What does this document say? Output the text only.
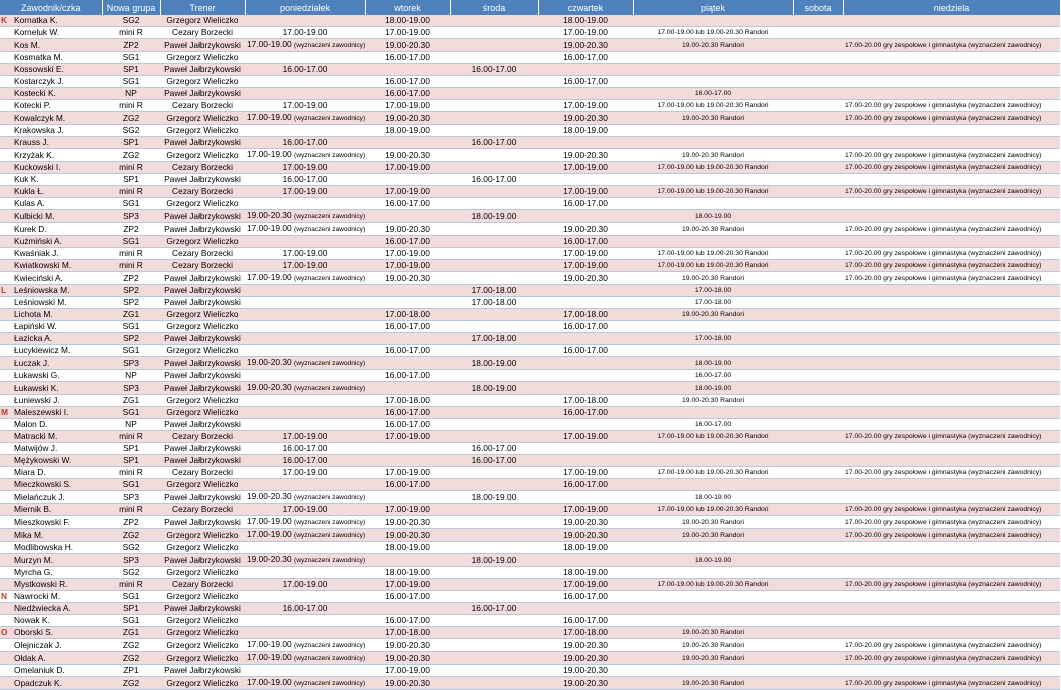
Zawodnik/czka		Nowa grupa	Trener	poniedziałek	wtorek	środa	czwartek	piątek	sobota	niedziela
K	Kornatka K.	SG2	Grzegorz Wieliczko		18.00-19.00		18.00-19.00			
	Korneluk W.	mini R	Cezary Borzecki	17.00-19.00	17.00-19.00		17.00-19.00	17.00-19.00 lub 19.00-20.30 Randori		
	Kos M.	ZP2	Paweł Jałbrzykowski	17.00-19.00 (wyznaczeni zawodnicy)	19.00-20.30		19.00-20.30	19.00-20.30 Randori		17.00-20.00 gry zespołowe i gimnastyka (wyznaczeni zawodnicy)
	Kosmatka M.	SG1	Grzegorz Wieliczko		16.00-17.00		16.00-17.00			
	Kossowski E.	SP1	Paweł Jałbrzykowski	16.00-17.00		16.00-17.00				
	Kostarczyk J.	SG1	Grzegorz Wieliczko		16.00-17.00		16.00-17.00			
	Kostecki K.	NP	Paweł Jałbrzykowski		16.00-17.00			16.00-17.00		
	Kotecki P.	mini R	Cezary Borzecki	17.00-19.00	17.00-19.00		17.00-19.00	17.00-19.00 lub 19.00-20.30 Randori		17.00-20.00 gry zespołowe i gimnastyka (wyznaczeni zawodnicy)
	Kowalczyk M.	ZG2	Grzegorz Wieliczko	17.00-19.00 (wyznaczeni zawodnicy)	19.00-20.30		19.00-20.30	19.00-20.30 Randori		17.00-20.00 gry zespołowe i gimnastyka (wyznaczeni zawodnicy)
	Krakowska J.	SG2	Grzegorz Wieliczko		18.00-19.00		18.00-19.00			
	Krauss J.	SP1	Paweł Jałbrzykowski	16.00-17.00		16.00-17.00				
	Krzyżak K.	ZG2	Grzegorz Wieliczko	17.00-19.00 (wyznaczeni zawodnicy)	19.00-20.30		19.00-20.30	19.00-20.30 Randori		17.00-20.00 gry zespołowe i gimnastyka (wyznaczeni zawodnicy)
	Kuckowski I.	mini R	Cezary Borzecki	17.00-19.00	17.00-19.00		17.00-19.00	17.00-19.00 lub 19.00-20.30 Randori		17.00-20.00 gry zespołowe i gimnastyka (wyznaczeni zawodnicy)
	Kuk K.	SP1	Paweł Jałbrzykowski	16.00-17.00		16.00-17.00				
	Kukla Ł.	mini R	Cezary Borzecki	17.00-19.00	17.00-19.00		17.00-19.00	17.00-19.00 lub 19.00-20.30 Randori		17.00-20.00 gry zespołowe i gimnastyka (wyznaczeni zawodnicy)
	Kulas A.	SG1	Grzegorz Wieliczko		16.00-17.00		16.00-17.00			
	Kulbicki M.	SP3	Paweł Jałbrzykowski	19.00-20.30 (wyznaczeni zawodnicy)		18.00-19.00		18.00-19.00		
	Kurek D.	ZP2	Paweł Jałbrzykowski	17.00-19.00 (wyznaczeni zawodnicy)	19.00-20.30		19.00-20.30	19.00-20.30 Randori		17.00-20.00 gry zespołowe i gimnastyka (wyznaczeni zawodnicy)
	Kuźmiński A.	SG1	Grzegorz Wieliczko		16.00-17.00		16.00-17.00			
	Kwaśniak J.	mini R	Cezary Borzecki	17.00-19.00	17.00-19.00		17.00-19.00	17.00-19.00 lub 19.00-20.30 Randori		17.00-20.00 gry zespołowe i gimnastyka (wyznaczeni zawodnicy)
	Kwiatkowski M.	mini R	Cezary Borzecki	17.00-19.00	17.00-19.00		17.00-19.00	17.00-19.00 lub 19.00-20.30 Randori		17.00-20.00 gry zespołowe i gimnastyka (wyznaczeni zawodnicy)
	Kwieciński A.	ZP2	Paweł Jałbrzykowski	17.00-19.00 (wyznaczeni zawodnicy)	19.00-20.30		19.00-20.30	19.00-20.30 Randori		17.00-20.00 gry zespołowe i gimnastyka (wyznaczeni zawodnicy)
L	Leśniowska M.	SP2	Paweł Jałbrzykowski			17.00-18.00		17.00-18.00		
	Leśniowski M.	SP2	Paweł Jałbrzykowski			17.00-18.00		17.00-18.00		
	Lichota M.	ZG1	Grzegorz Wieliczko		17.00-18.00		17.00-18.00	19.00-20.30 Randori		
	Łapiński W.	SG1	Grzegorz Wieliczko		16.00-17.00		16.00-17.00			
	Łazicka A.	SP2	Paweł Jałbrzykowski			17.00-18.00		17.00-18.00		
	Łucykiewicz M.	SG1	Grzegorz Wieliczko		16.00-17.00		16.00-17.00			
	Łuczak J.	SP3	Paweł Jałbrzykowski	19.00-20.30 (wyznaczeni zawodnicy)		18.00-19.00		18.00-19.00		
	Łukawski G.	NP	Paweł Jałbrzykowski		16.00-17.00			16.00-17.00		
	Łukawski K.	SP3	Paweł Jałbrzykowski	19.00-20.30 (wyznaczeni zawodnicy)		18.00-19.00		18.00-19.00		
	Łuniewski J.	ZG1	Grzegorz Wieliczko		17.00-18.00		17.00-18.00	19.00-20.30 Randori		
M	Maleszewski I.	SG1	Grzegorz Wieliczko		16.00-17.00		16.00-17.00			
	Malon D.	NP	Paweł Jałbrzykowski		16.00-17.00			16.00-17.00		
	Matracki M.	mini R	Cezary Borzecki	17.00-19.00	17.00-19.00		17.00-19.00	17.00-19.00 lub 19.00-20.30 Randori		17.00-20.00 gry zespołowe i gimnastyka (wyznaczeni zawodnicy)
	Matwijów J.	SP1	Paweł Jałbrzykowski	16.00-17.00		16.00-17.00				
	Mężykowski W.	SP1	Paweł Jałbrzykowski	16.00-17.00		16.00-17.00				
	Miara D.	mini R	Cezary Borzecki	17.00-19.00	17.00-19.00		17.00-19.00	17.00-19.00 lub 19.00-20.30 Randori		17.00-20.00 gry zespołowe i gimnastyka (wyznaczeni zawodnicy)
	Mieczkowski S.	SG1	Grzegorz Wieliczko		16.00-17.00		16.00-17.00			
	Mielańczuk J.	SP3	Paweł Jałbrzykowski	19.00-20.30 (wyznaczeni zawodnicy)		18.00-19.00		18.00-19.00		
	Miernik B.	mini R	Cezary Borzecki	17.00-19.00	17.00-19.00		17.00-19.00	17.00-19.00 lub 19.00-20.30 Randori		17.00-20.00 gry zespołowe i gimnastyka (wyznaczeni zawodnicy)
	Mieszkowski F.	ZP2	Paweł Jałbrzykowski	17.00-19.00 (wyznaczeni zawodnicy)	19.00-20.30		19.00-20.30	19.00-20.30 Randori		17.00-20.00 gry zespołowe i gimnastyka (wyznaczeni zawodnicy)
	Mika M.	ZG2	Grzegorz Wieliczko	17.00-19.00 (wyznaczeni zawodnicy)	19.00-20.30		19.00-20.30	19.00-20.30 Randori		17.00-20.00 gry zespołowe i gimnastyka (wyznaczeni zawodnicy)
	Modlibowska H.	SG2	Grzegorz Wieliczko		18.00-19.00		18.00-19.00			
	Murzyn M.	SP3	Paweł Jałbrzykowski	19.00-20.30 (wyznaczeni zawodnicy)		18.00-19.00		18.00-19.00		
	Myrcha G.	SG2	Grzegorz Wieliczko		18.00-19.00		18.00-19.00			
	Mystkowski R.	mini R	Cezary Borzecki	17.00-19.00	17.00-19.00		17.00-19.00	17.00-19.00 lub 19.00-20.30 Randori		17.00-20.00 gry zespołowe i gimnastyka (wyznaczeni zawodnicy)
N	Nawrocki M.	SG1	Grzegorz Wieliczko		16.00-17.00		16.00-17.00			
	Niedźwiecka A.	SP1	Paweł Jałbrzykowski	16.00-17.00		16.00-17.00				
	Nowak K.	SG1	Grzegorz Wieliczko		16.00-17.00		16.00-17.00			
O	Oborski S.	ZG1	Grzegorz Wieliczko		17.00-18.00		17.00-18.00	19.00-20.30 Randori		
	Olejniczak J.	ZG2	Grzegorz Wieliczko	17.00-19.00 (wyznaczeni zawodnicy)	19.00-20.30		19.00-20.30	19.00-20.30 Randori		17.00-20.00 gry zespołowe i gimnastyka (wyznaczeni zawodnicy)
	Ołdak A.	ZG2	Grzegorz Wieliczko	17.00-19.00 (wyznaczeni zawodnicy)	19.00-20.30		19.00-20.30	19.00-20.30 Randori		17.00-20.00 gry zespołowe i gimnastyka (wyznaczeni zawodnicy)
	Omelaniuk D.	ZP1	Paweł Jałbrzykowski		17.00-19.00		19.00-20.30			
	Opadczuk K.	ZG2	Grzegorz Wieliczko	17.00-19.00 (wyznaczeni zawodnicy)	19.00-20.30		19.00-20.30	19.00-20.30 Randori		17.00-20.00 gry zespołowe i gimnastyka (wyznaczeni zawodnicy)
